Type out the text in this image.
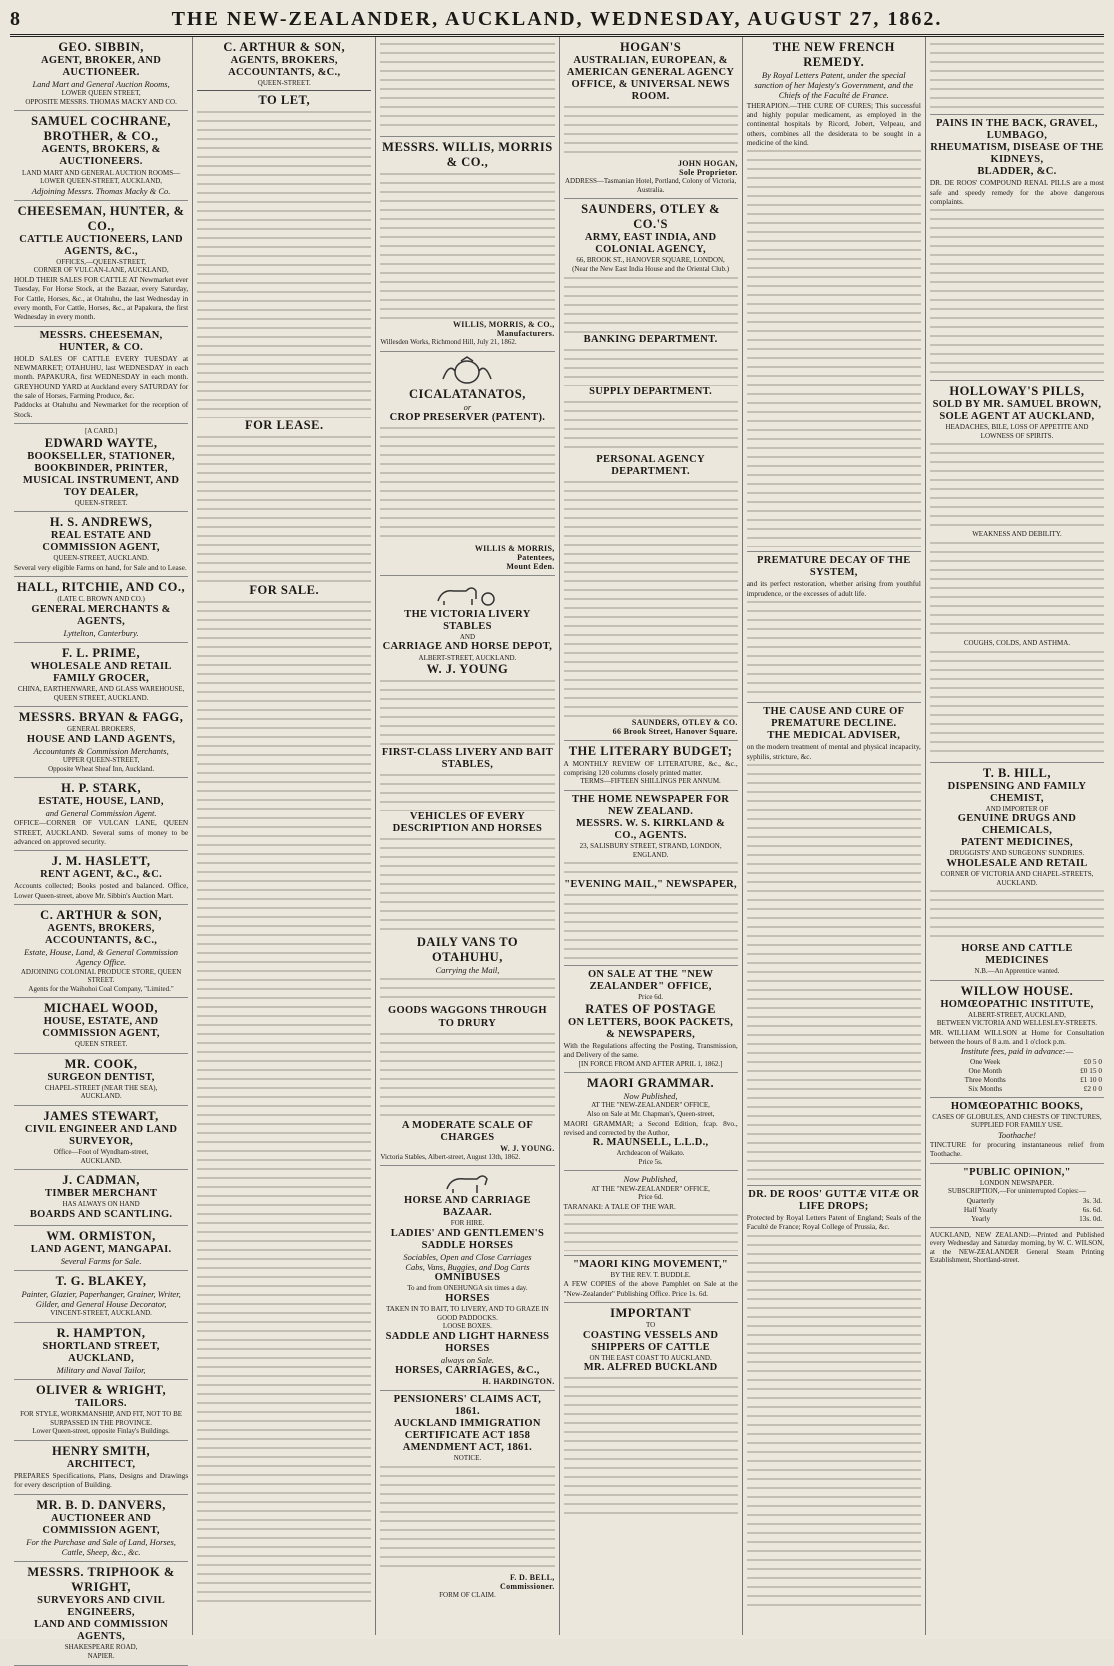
8	THE NEW-ZEALANDER, AUCKLAND, WEDNESDAY, AUGUST 27, 1862.
GEO. SIBBIN,
AGENT, BROKER, AND AUCTIONEER.
Land Mart and General Auction Rooms,
LOWER QUEEN STREET,
OPPOSITE MESSRS. THOMAS MACKY AND CO.
SAMUEL COCHRANE, BROTHER, & CO.,
AGENTS, BROKERS, & AUCTIONEERS.
LAND MART AND GENERAL AUCTION ROOMS—LOWER QUEEN-STREET, AUCKLAND,
Adjoining Messrs. Thomas Macky & Co.
CHEESEMAN, HUNTER, & CO.,
CATTLE AUCTIONEERS, LAND AGENTS, &C.,
OFFICES,—QUEEN-STREET,
CORNER OF VULCAN-LANE, AUCKLAND,
HOLD THEIR SALES FOR CATTLE AT Newmarket ever Tuesday, For Horse Stock, at the Bazaar, every Saturday, For Cattle, Horses, &c., at Otahuhu, the last Wednesday in every month, For Cattle, Horses, &c., at Papakura, the first Wednesday in every month.
MESSRS. CHEESEMAN, HUNTER, & CO.
HOLD SALES OF CATTLE EVERY TUESDAY at NEWMARKET; OTAHUHU, last WEDNESDAY in each month. PAPAKURA, first WEDNESDAY in each month. GREYHOUND YARD at Auckland every SATURDAY for the sale of Horses, Farming Produce, &c.
Paddocks at Otahuhu and Newmarket for the reception of Stock.
[A CARD.]
EDWARD WAYTE,
BOOKSELLER, STATIONER, BOOKBINDER, PRINTER, MUSICAL INSTRUMENT, AND TOY DEALER,
QUEEN-STREET.
H. S. ANDREWS,
REAL ESTATE AND COMMISSION AGENT,
QUEEN-STREET, AUCKLAND.
Several very eligible Farms on hand, for Sale and to Lease.
HALL, RITCHIE, AND CO.,
(LATE C. BROWN AND CO.)
GENERAL MERCHANTS & AGENTS,
Lyttelton, Canterbury.
F. L. PRIME,
WHOLESALE AND RETAIL FAMILY GROCER,
CHINA, EARTHENWARE, AND GLASS WAREHOUSE,
QUEEN STREET, AUCKLAND.
MESSRS. BRYAN & FAGG,
GENERAL BROKERS,
HOUSE AND LAND AGENTS,
Accountants & Commission Merchants,
UPPER QUEEN-STREET,
Opposite Wheat Sheaf Inn, Auckland.
H. P. STARK,
ESTATE, HOUSE, LAND,
and General Commission Agent.
OFFICE—CORNER OF VULCAN LANE, QUEEN STREET, AUCKLAND. Several sums of money to be advanced on approved security.
J. M. HASLETT,
RENT AGENT, &C., &C.
Accounts collected; Books posted and balanced. Office, Lower Queen-street, above Mr. Sibbin's Auction Mart.
C. ARTHUR & SON,
AGENTS, BROKERS, ACCOUNTANTS, &C.,
Estate, House, Land, & General Commission Agency Office.
ADJOINING COLONIAL PRODUCE STORE, QUEEN STREET.
Agents for the Waihohoi Coal Company, "Limited."
MICHAEL WOOD,
HOUSE, ESTATE, AND COMMISSION AGENT,
QUEEN STREET.
MR. COOK,
SURGEON DENTIST,
CHAPEL-STREET (NEAR THE SEA),
AUCKLAND.
JAMES STEWART,
CIVIL ENGINEER AND LAND SURVEYOR,
Office—Foot of Wyndham-street,
AUCKLAND.
J. CADMAN,
TIMBER MERCHANT
HAS ALWAYS ON HAND
BOARDS AND SCANTLING.
WM. ORMISTON,
LAND AGENT, MANGAPAI.
Several Farms for Sale.
T. G. BLAKEY,
Painter, Glazier, Paperhanger, Grainer, Writer, Gilder, and General House Decorator,
VINCENT-STREET, AUCKLAND.
R. HAMPTON,
SHORTLAND STREET, AUCKLAND,
Military and Naval Tailor,
OLIVER & WRIGHT,
TAILORS.
FOR STYLE, WORKMANSHIP, AND FIT, NOT TO BE SURPASSED IN THE PROVINCE.
Lower Queen-street, opposite Finlay's Buildings.
HENRY SMITH,
ARCHITECT,
PREPARES Specifications, Plans, Designs and Drawings for every description of Building.
MR. B. D. DANVERS,
AUCTIONEER AND COMMISSION AGENT,
For the Purchase and Sale of Land, Horses, Cattle, Sheep, &c., &c.
MESSRS. TRIPHOOK & WRIGHT,
SURVEYORS AND CIVIL ENGINEERS,
LAND AND COMMISSION AGENTS,
SHAKESPEARE ROAD,
NAPIER.
C. ARTHUR & SON,
AGENTS, BROKERS, ACCOUNTANTS, &C.,
QUEEN-STREET.
TO LET,
FOR LEASE.
FOR SALE.
MESSRS. WILLIS, MORRIS & CO.,
WILLIS, MORRIS, & CO.,
Manufacturers.
Willesden Works, Richmond Hill, July 21, 1862.
CICALATANATOS,
or
CROP PRESERVER (PATENT).
WILLIS & MORRIS,
Patentees,
Mount Eden.
THE VICTORIA LIVERY STABLES
AND
CARRIAGE AND HORSE DEPOT,
ALBERT-STREET, AUCKLAND.
W. J. YOUNG
FIRST-CLASS LIVERY AND BAIT STABLES,
VEHICLES OF EVERY DESCRIPTION AND HORSES
DAILY VANS TO OTAHUHU,
Carrying the Mail,
GOODS WAGGONS THROUGH TO DRURY
A MODERATE SCALE OF CHARGES
W. J. YOUNG.
Victoria Stables, Albert-street, August 13th, 1862.
HORSE AND CARRIAGE BAZAAR.
FOR HIRE.
LADIES' AND GENTLEMEN'S SADDLE HORSES
Sociables, Open and Close Carriages
Cabs, Vans, Buggies, and Dog Carts
OMNIBUSES
To and from ONEHUNGA six times a day.
HORSES
TAKEN IN TO BAIT, TO LIVERY, AND TO GRAZE IN GOOD PADDOCKS.
LOOSE BOXES.
SADDLE AND LIGHT HARNESS HORSES
always on Sale.
HORSES, CARRIAGES, &C.,
H. HARDINGTON.
PENSIONERS' CLAIMS ACT, 1861.
AUCKLAND IMMIGRATION CERTIFICATE ACT 1858 AMENDMENT ACT, 1861.
NOTICE.
F. D. BELL,
Commissioner.
FORM OF CLAIM.
HOGAN'S
AUSTRALIAN, EUROPEAN, & AMERICAN GENERAL AGENCY OFFICE, & UNIVERSAL NEWS ROOM.
JOHN HOGAN,
Sole Proprietor.
ADDRESS—Tasmanian Hotel, Portland, Colony of Victoria, Australia.
SAUNDERS, OTLEY & CO.'S
ARMY, EAST INDIA, AND COLONIAL AGENCY,
66, BROOK ST., HANOVER SQUARE, LONDON,
(Near the New East India House and the Oriental Club.)
BANKING DEPARTMENT.
SUPPLY DEPARTMENT.
PERSONAL AGENCY DEPARTMENT.
SAUNDERS, OTLEY & CO.
66 Brook Street, Hanover Square.
THE LITERARY BUDGET;
A MONTHLY REVIEW OF LITERATURE, &c., &c., comprising 120 columns closely printed matter.
TERMS—FIFTEEN SHILLINGS PER ANNUM.
THE HOME NEWSPAPER FOR NEW ZEALAND.
MESSRS. W. S. KIRKLAND & CO., AGENTS.
23, SALISBURY STREET, STRAND, LONDON, ENGLAND.
"EVENING MAIL," NEWSPAPER,
ON SALE AT THE "NEW ZEALANDER" OFFICE,
Price 6d.
RATES OF POSTAGE
ON LETTERS, BOOK PACKETS, & NEWSPAPERS,
With the Regulations affecting the Posting, Transmission, and Delivery of the same.
[IN FORCE FROM AND AFTER APRIL 1, 1862.]
MAORI GRAMMAR.
Now Published,
AT THE "NEW-ZEALANDER" OFFICE,
Also on Sale at Mr. Chapman's, Queen-street,
MAORI GRAMMAR; a Second Edition, fcap. 8vo., revised and corrected by the Author,
R. MAUNSELL, L.L.D.,
Archdeacon of Waikato.
Price 5s.
Now Published,
AT THE "NEW-ZEALANDER" OFFICE,
Price 6d.
TARANAKI: A TALE OF THE WAR.
"MAORI KING MOVEMENT,"
BY THE REV. T. BUDDLE.
A FEW COPIES of the above Pamphlet on Sale at the "New-Zealander" Publishing Office. Price 1s. 6d.
IMPORTANT
TO
COASTING VESSELS AND SHIPPERS OF CATTLE
ON THE EAST COAST TO AUCKLAND.
MR. ALFRED BUCKLAND
THE NEW FRENCH REMEDY.
By Royal Letters Patent, under the special sanction of her Majesty's Government, and the Chiefs of the Faculté de France.
THERAPION.—THE CURE OF CURES; This successful and highly popular medicament, as employed in the continental hospitals by Ricord, Jobert, Velpeau, and others, combines all the desiderata to be sought in a medicine of the kind.
PREMATURE DECAY OF THE SYSTEM,
and its perfect restoration, whether arising from youthful imprudence, or the excesses of adult life.
THE CAUSE AND CURE OF PREMATURE DECLINE.
THE MEDICAL ADVISER,
on the modern treatment of mental and physical incapacity, syphilis, stricture, &c.
DR. DE ROOS' GUTTÆ VITÆ OR LIFE DROPS;
Protected by Royal Letters Patent of England; Seals of the Faculté de France; Royal College of Prussia, &c.
PAINS IN THE BACK, GRAVEL, LUMBAGO,
RHEUMATISM, DISEASE OF THE KIDNEYS,
BLADDER, &C.
DR. DE ROOS' COMPOUND RENAL PILLS are a most safe and speedy remedy for the above dangerous complaints.
HOLLOWAY'S PILLS,
SOLD BY MR. SAMUEL BROWN, SOLE AGENT AT AUCKLAND,
HEADACHES, BILE, LOSS OF APPETITE AND LOWNESS OF SPIRITS.
WEAKNESS AND DEBILITY.
COUGHS, COLDS, AND ASTHMA.
T. B. HILL,
DISPENSING AND FAMILY CHEMIST,
AND IMPORTER OF
GENUINE DRUGS AND CHEMICALS,
PATENT MEDICINES,
DRUGGISTS' AND SURGEONS' SUNDRIES.
WHOLESALE AND RETAIL
CORNER OF VICTORIA AND CHAPEL-STREETS,
AUCKLAND.
HORSE AND CATTLE MEDICINES
N.B.—An Apprentice wanted.
WILLOW HOUSE.
HOMŒOPATHIC INSTITUTE,
ALBERT-STREET, AUCKLAND,
BETWEEN VICTORIA AND WELLESLEY-STREETS.
MR. WILLIAM WILLSON at Home for Consultation between the hours of 8 a.m. and 1 o'clock p.m.
Institute fees, paid in advance:—
One Week	£0 5 0
One Month	£0 15 0
Three Months	£1 10 0
Six Months	£2 0 0
HOMŒOPATHIC BOOKS,
CASES OF GLOBULES, AND CHESTS OF TINCTURES,
SUPPLIED FOR FAMILY USE.
Toothache!
TINCTURE for procuring instantaneous relief from Toothache.
"PUBLIC OPINION,"
LONDON NEWSPAPER.
SUBSCRIPTION,—For uninterrupted Copies:—
Quarterly	3s. 3d.
Half Yearly	6s. 6d.
Yearly	13s. 0d.
AUCKLAND, NEW ZEALAND:—Printed and Published every Wednesday and Saturday morning, by W. C. WILSON, at the NEW-ZEALANDER General Steam Printing Establishment, Shortland-street.
